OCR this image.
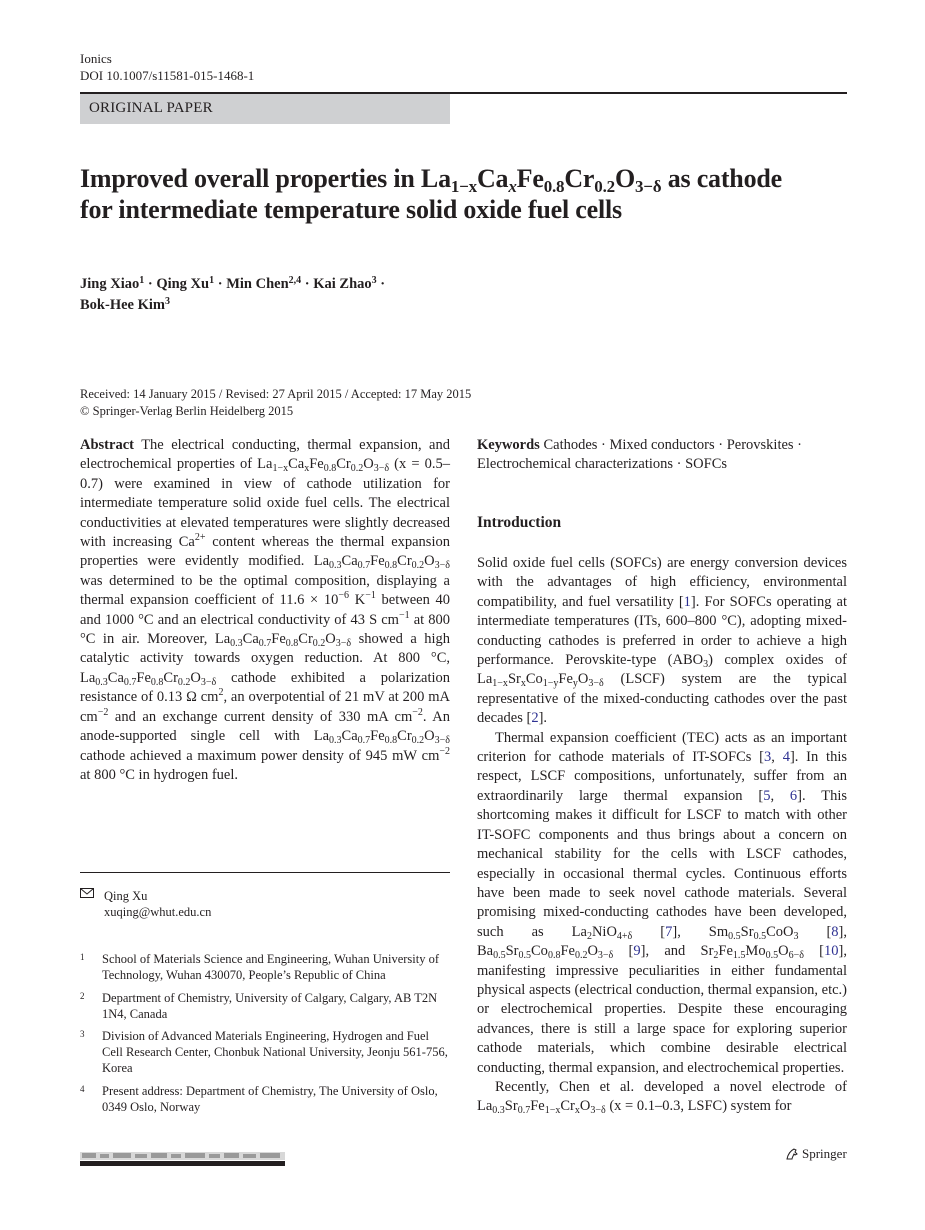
Ionics
DOI 10.1007/s11581-015-1468-1
ORIGINAL PAPER
Improved overall properties in $La_{1-x}Ca_xFe_{0.8}Cr_{0.2}O_{3-\delta}$ as cathode
for intermediate temperature solid oxide fuel cells
Jing Xiao$^1$ · Qing $Xu^1$ · Min Chen$^{2,4}$ · Kai Zhao$^3$ ·
Bok-Hee Kim$^3$
Received: 14 January 2015 / Revised: 27 April 2015 / Accepted: 17 May 2015
© Springer-Verlag Berlin Heidelberg 2015
Abstract The electrical conducting, thermal expansion, and electrochemical properties of $La_{1-x}Ca_xFe_{0.8}Cr_{0.2}O_{3-\delta}$ (x = 0.5–0.7) were examined in view of cathode utilization for intermediate temperature solid oxide fuel cells. The electrical conductivities at elevated temperatures were slightly decreased with increasing $Ca^{2+}$ content whereas the thermal expansion properties were evidently modified. $La_{0.3}Ca_{0.7}Fe_{0.8}Cr_{0.2}O_{3-\delta}$ was determined to be the optimal composition, displaying a thermal expansion coefficient of $11.6 \times 10^{-6}$ $K^{-1}$ between 40 and 1000 °C and an electrical conductivity of 43 S $cm^{-1}$ at 800 °C in air. Moreover, $La_{0.3}Ca_{0.7}Fe_{0.8}Cr_{0.2}O_{3-\delta}$ showed a high catalytic activity towards oxygen reduction. At 800 °C, $La_{0.3}Ca_{0.7}Fe_{0.8}Cr_{0.2}O_{3-\delta}$ cathode exhibited a polarization resistance of 0.13 Ω $cm^2$, an overpotential of 21 mV at 200 mA $cm^{-2}$ and an exchange current density of 330 mA $cm^{-2}$. An anode-supported single cell with $La_{0.3}Ca_{0.7}Fe_{0.8}Cr_{0.2}O_{3-\delta}$ cathode achieved a maximum power density of 945 mW $cm^{-2}$ at 800 °C in hydrogen fuel.
Keywords Cathodes · Mixed conductors · Perovskites · Electrochemical characterizations · SOFCs
Introduction

Solid oxide fuel cells (SOFCs) are energy conversion devices with the advantages of high efficiency, environmental compatibility, and fuel versatility [1]. For SOFCs operating at intermediate temperatures (ITs, 600–800 °C), adopting mixed-conducting cathodes is preferred in order to achieve a high performance. Perovskite-type $(ABO_3)$ complex oxides of $La_{1-x}Sr_xCo_{1-y}Fe_yO_{3-\delta}$ (LSCF) system are the typical representative of the mixed-conducting cathodes over the past decades [2].

Thermal expansion coefficient (TEC) acts as an important criterion for cathode materials of IT-SOFCs [3, 4]. In this respect, LSCF compositions, unfortunately, suffer from an extraordinarily large thermal expansion [5, 6]. This shortcoming makes it difficult for LSCF to match with other IT-SOFC components and thus brings about a concern on mechanical stability for the cells with LSCF cathodes, especially in occasional thermal cycles. Continuous efforts have been made to seek novel cathode materials. Several promising mixed-conducting cathodes have been developed, such as $La_2NiO_{4+\delta}$ [7], $Sm_{0.5}Sr_{0.5}CoO_3$ [8], $Ba_{0.5}Sr_{0.5}Co_{0.8}Fe_{0.2}O_{3-\delta}$ [9], and $Sr_2Fe_{1.5}Mo_{0.5}O_{6-\delta}$ [10], manifesting impressive peculiarities in either fundamental physical aspects (electrical conduction, thermal expansion, etc.) or electrochemical properties. Despite these encouraging advances, there is still a large space for exploring superior cathode materials, which combine desirable electrical conducting, thermal expansion, and electrochemical properties.

Recently, Chen et al. developed a novel electrode of $La_{0.3}Sr_{0.7}Fe_{1-x}Cr_xO_{3-\delta}$ (x = 0.1–0.3, LSFC) system for

Qing Xu
xuqing@whut.edu.cn
1 School of Materials Science and Engineering, Wuhan University of Technology, Wuhan 430070, People’s Republic of China
2 Department of Chemistry, University of Calgary, Calgary, AB T2N 1N4, Canada
3 Division of Advanced Materials Engineering, Hydrogen and Fuel Cell Research Center, Chonbuk National University, Jeonju 561-756, Korea
4 Present address: Department of Chemistry, The University of Oslo, 0349 Oslo, Norway
Springer
